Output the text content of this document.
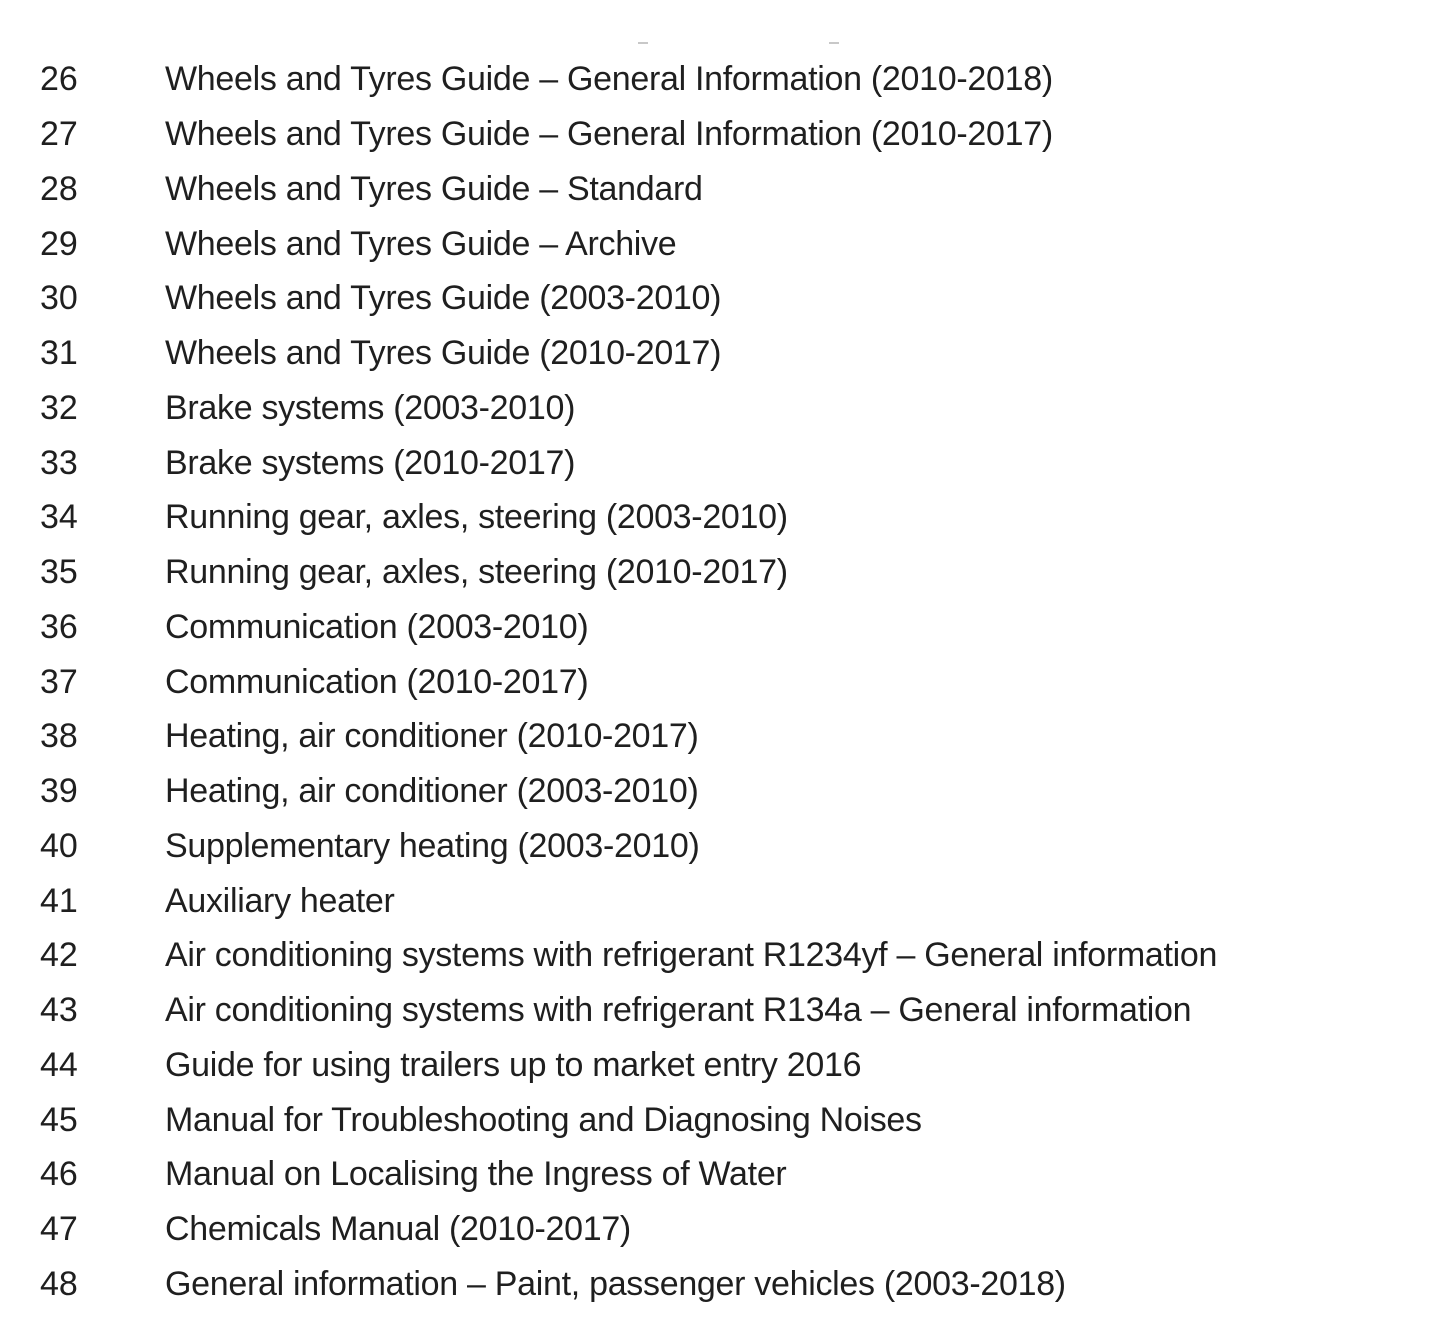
26	Wheels and Tyres Guide – General Information (2010-2018)
27	Wheels and Tyres Guide – General Information (2010-2017)
28	Wheels and Tyres Guide – Standard
29	Wheels and Tyres Guide – Archive
30	Wheels and Tyres Guide (2003-2010)
31	Wheels and Tyres Guide (2010-2017)
32	Brake systems (2003-2010)
33	Brake systems (2010-2017)
34	Running gear, axles, steering (2003-2010)
35	Running gear, axles, steering (2010-2017)
36	Communication (2003-2010)
37	Communication (2010-2017)
38	Heating, air conditioner (2010-2017)
39	Heating, air conditioner (2003-2010)
40	Supplementary heating (2003-2010)
41	Auxiliary heater
42	Air conditioning systems with refrigerant R1234yf – General information
43	Air conditioning systems with refrigerant R134a – General information
44	Guide for using trailers up to market entry 2016
45	Manual for Troubleshooting and Diagnosing Noises
46	Manual on Localising the Ingress of Water
47	Chemicals Manual (2010-2017)
48	General information – Paint, passenger vehicles (2003-2018)
